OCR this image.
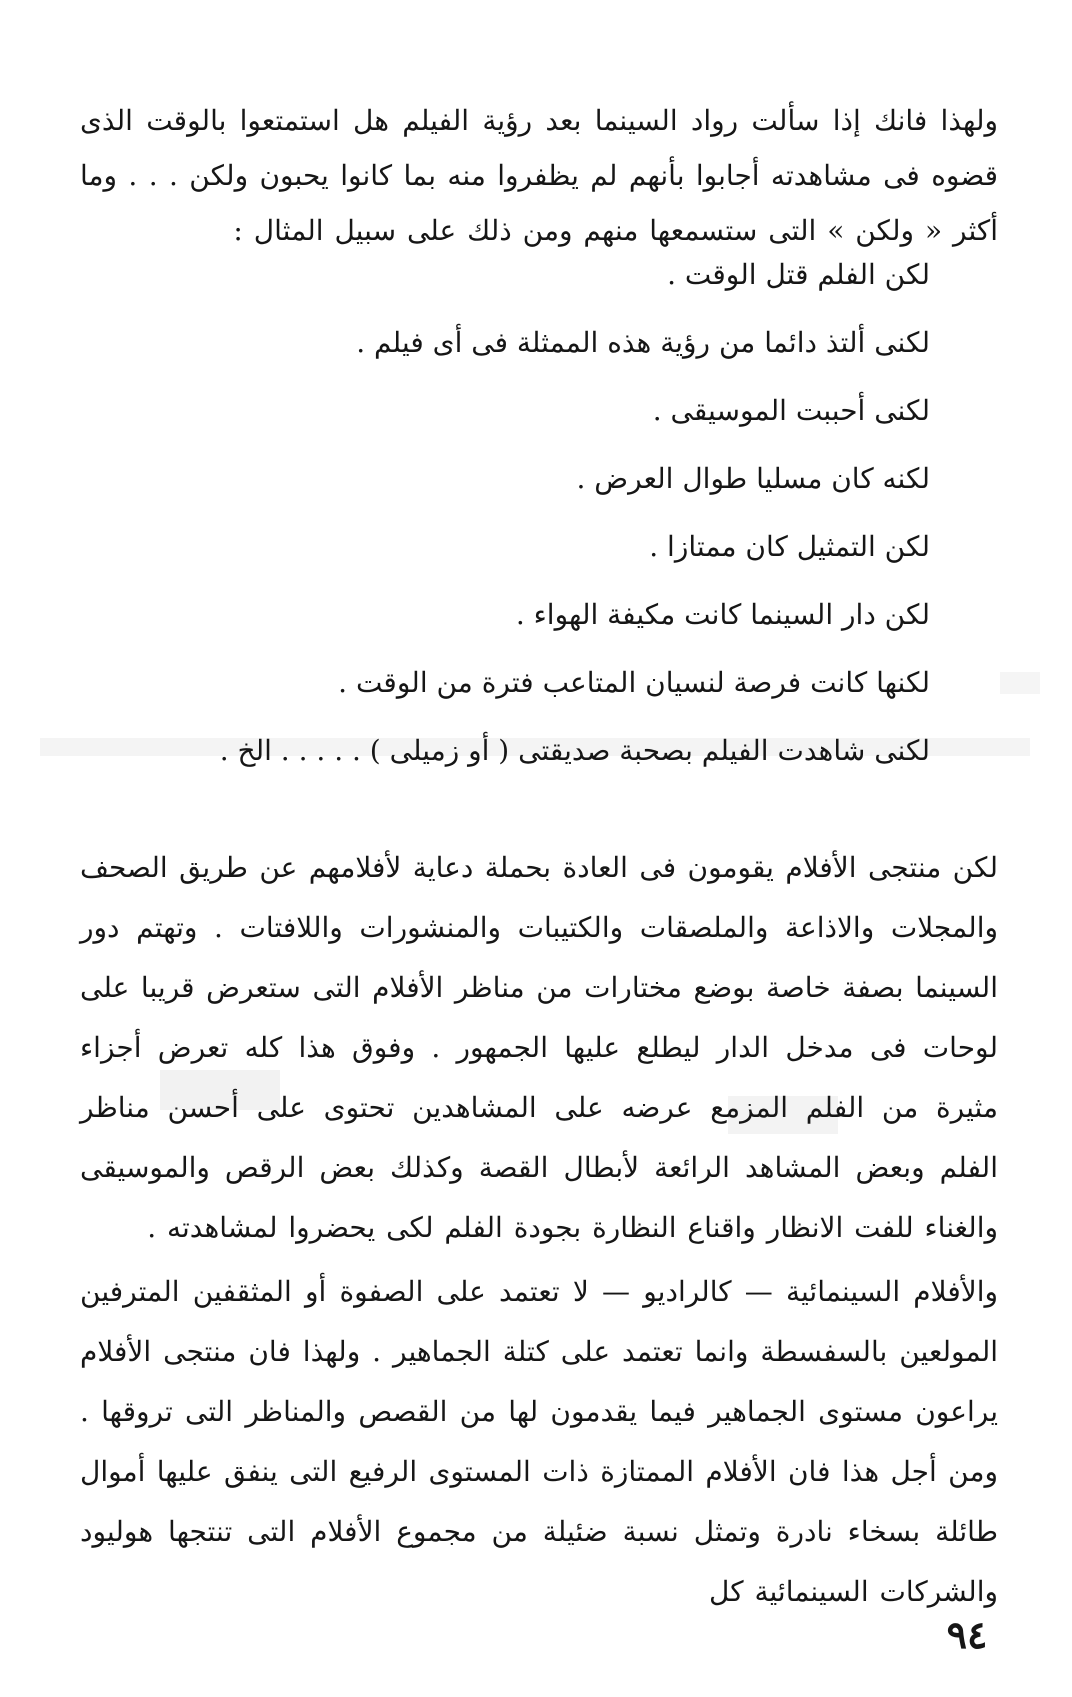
ولهذا فانك إذا سألت رواد السينما بعد رؤية الفيلم هل استمتعوا بالوقت الذى قضوه فى مشاهدته أجابوا بأنهم لم يظفروا منه بما كانوا يحبون ولكن . . . وما أكثر « ولكن » التى ستسمعها منهم ومن ذلك على سبيل المثال :

لكن الفلم قتل الوقت .
لكنى ألتذ دائما من رؤية هذه الممثلة فى أى فيلم .
لكنى أحببت الموسيقى .
لكنه كان مسليا طوال العرض .
لكن التمثيل كان ممتازا .
لكن دار السينما كانت مكيفة الهواء .
لكنها كانت فرصة لنسيان المتاعب فترة من الوقت .
لكنى شاهدت الفيلم بصحبة صديقتى ( أو زميلى ) . . . . . الخ .

لكن منتجى الأفلام يقومون فى العادة بحملة دعاية لأفلامهم عن طريق الصحف والمجلات والاذاعة والملصقات والكتيبات والمنشورات واللافتات . وتهتم دور السينما بصفة خاصة بوضع مختارات من مناظر الأفلام التى ستعرض قريبا على لوحات فى مدخل الدار ليطلع عليها الجمهور . وفوق هذا كله تعرض أجزاء مثيرة من الفلم المزمع عرضه على المشاهدين تحتوى على أحسن مناظر الفلم وبعض المشاهد الرائعة لأبطال القصة وكذلك بعض الرقص والموسيقى والغناء للفت الانظار واقناع النظارة بجودة الفلم لكى يحضروا لمشاهدته .

والأفلام السينمائية — كالراديو — لا تعتمد على الصفوة أو المثقفين المترفين المولعين بالسفسطة وانما تعتمد على كتلة الجماهير . ولهذا فان منتجى الأفلام يراعون مستوى الجماهير فيما يقدمون لها من القصص والمناظر التى تروقها . ومن أجل هذا فان الأفلام الممتازة ذات المستوى الرفيع التى ينفق عليها أموال طائلة بسخاء نادرة وتمثل نسبة ضئيلة من مجموع الأفلام التى تنتجها هوليود والشركات السينمائية كل

٩٤
